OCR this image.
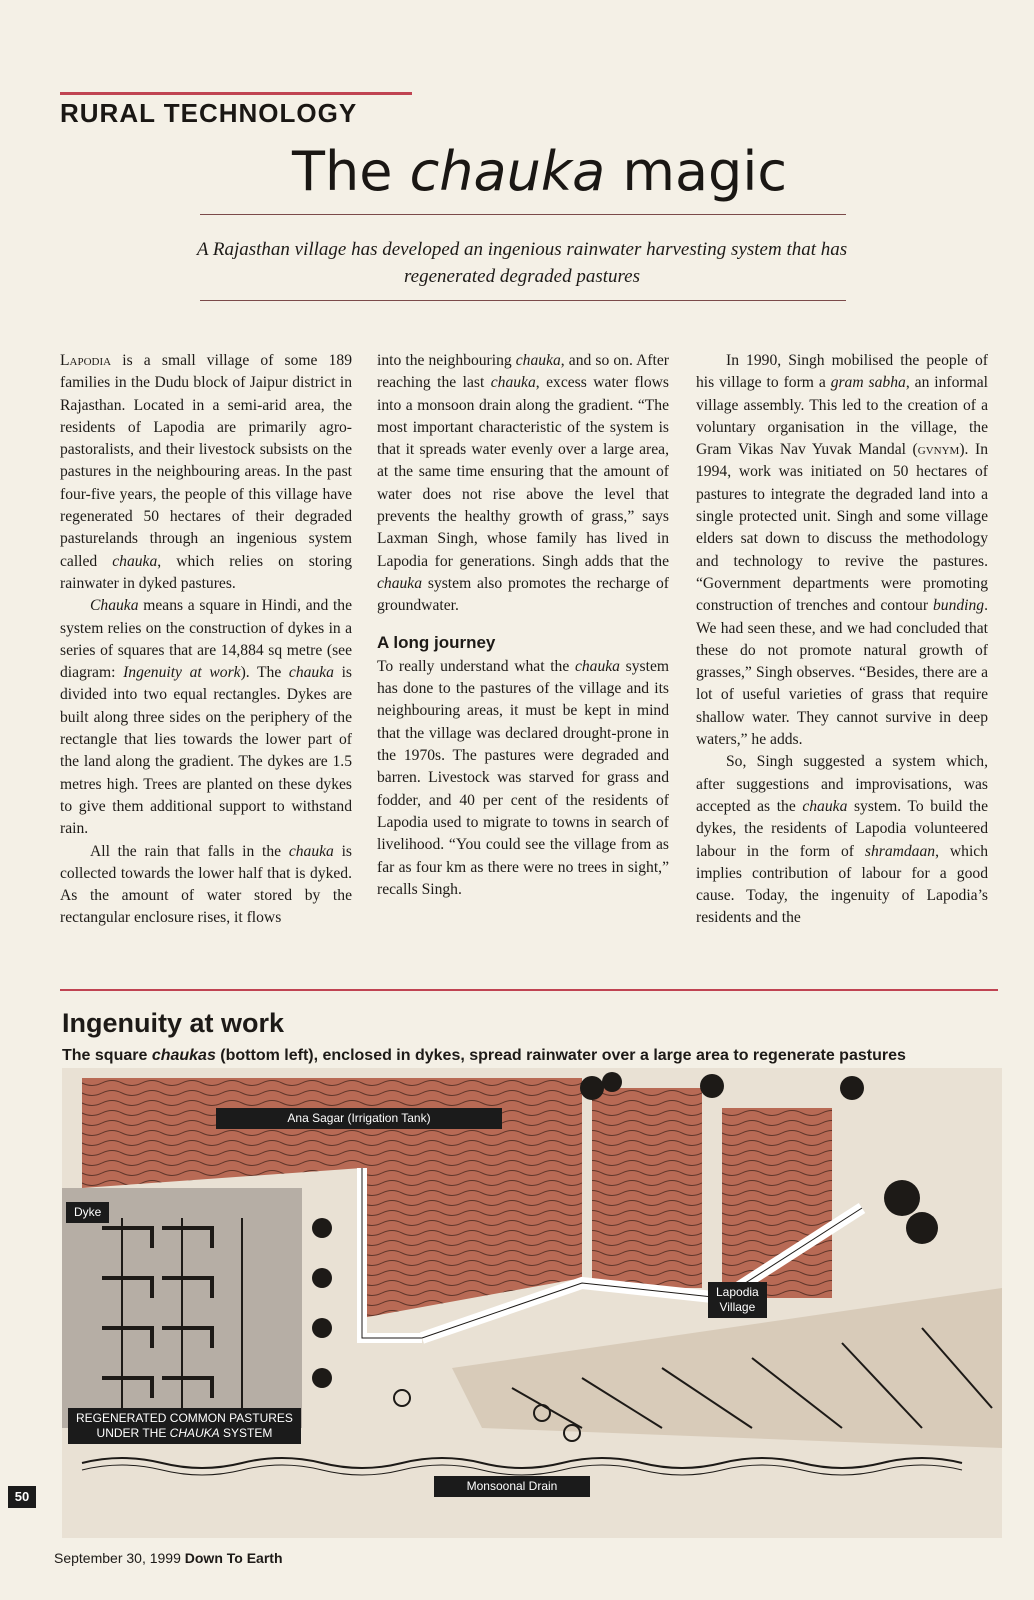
RURAL TECHNOLOGY
The chauka magic

A Rajasthan village has developed an ingenious rainwater harvesting system that has regenerated degraded pastures

Lapodia is a small village of some 189 families in the Dudu block of Jaipur district in Rajasthan. Located in a semi-arid area, the residents of Lapodia are primarily agro-pastoralists, and their livestock subsists on the pastures in the neighbouring areas. In the past four-five years, the people of this village have regenerated 50 hectares of their degraded pasturelands through an ingenious system called chauka, which relies on storing rainwater in dyked pastures.

Chauka means a square in Hindi, and the system relies on the construction of dykes in a series of squares that are 14,884 sq metre (see diagram: Ingenuity at work). The chauka is divided into two equal rectangles. Dykes are built along three sides on the periphery of the rectangle that lies towards the lower part of the land along the gradient. The dykes are 1.5 metres high. Trees are planted on these dykes to give them additional support to withstand rain.

All the rain that falls in the chauka is collected towards the lower half that is dyked. As the amount of water stored by the rectangular enclosure rises, it flows

into the neighbouring chauka, and so on. After reaching the last chauka, excess water flows into a monsoon drain along the gradient. “The most important characteristic of the system is that it spreads water evenly over a large area, at the same time ensuring that the amount of water does not rise above the level that prevents the healthy growth of grass,” says Laxman Singh, whose family has lived in Lapodia for generations. Singh adds that the chauka system also promotes the recharge of groundwater.

A long journey

To really understand what the chauka system has done to the pastures of the village and its neighbouring areas, it must be kept in mind that the village was declared drought-prone in the 1970s. The pastures were degraded and barren. Livestock was starved for grass and fodder, and 40 per cent of the residents of Lapodia used to migrate to towns in search of livelihood. “You could see the village from as far as four km as there were no trees in sight,” recalls Singh.

In 1990, Singh mobilised the people of his village to form a gram sabha, an informal village assembly. This led to the creation of a voluntary organisation in the village, the Gram Vikas Nav Yuvak Mandal (gvnym). In 1994, work was initiated on 50 hectares of pastures to integrate the degraded land into a single protected unit. Singh and some village elders sat down to discuss the methodology and technology to revive the pastures. “Government departments were promoting construction of trenches and contour bunding. We had seen these, and we had concluded that these do not promote natural growth of grasses,” Singh observes. “Besides, there are a lot of useful varieties of grass that require shallow water. They cannot survive in deep waters,” he adds.

So, Singh suggested a system which, after suggestions and improvisations, was accepted as the chauka system. To build the dykes, the residents of Lapodia volunteered labour in the form of shramdaan, which implies contribution of labour for a good cause. Today, the ingenuity of Lapodia’s residents and the

Ingenuity at work

The square chaukas (bottom left), enclosed in dykes, spread rainwater over a large area to regenerate pastures

Ana Sagar (Irrigation Tank)
Dyke
Lapodia
Village
REGENERATED COMMON PASTURES
UNDER THE CHAUKA SYSTEM
Monsoonal Drain
50
September 30, 1999 Down To Earth
